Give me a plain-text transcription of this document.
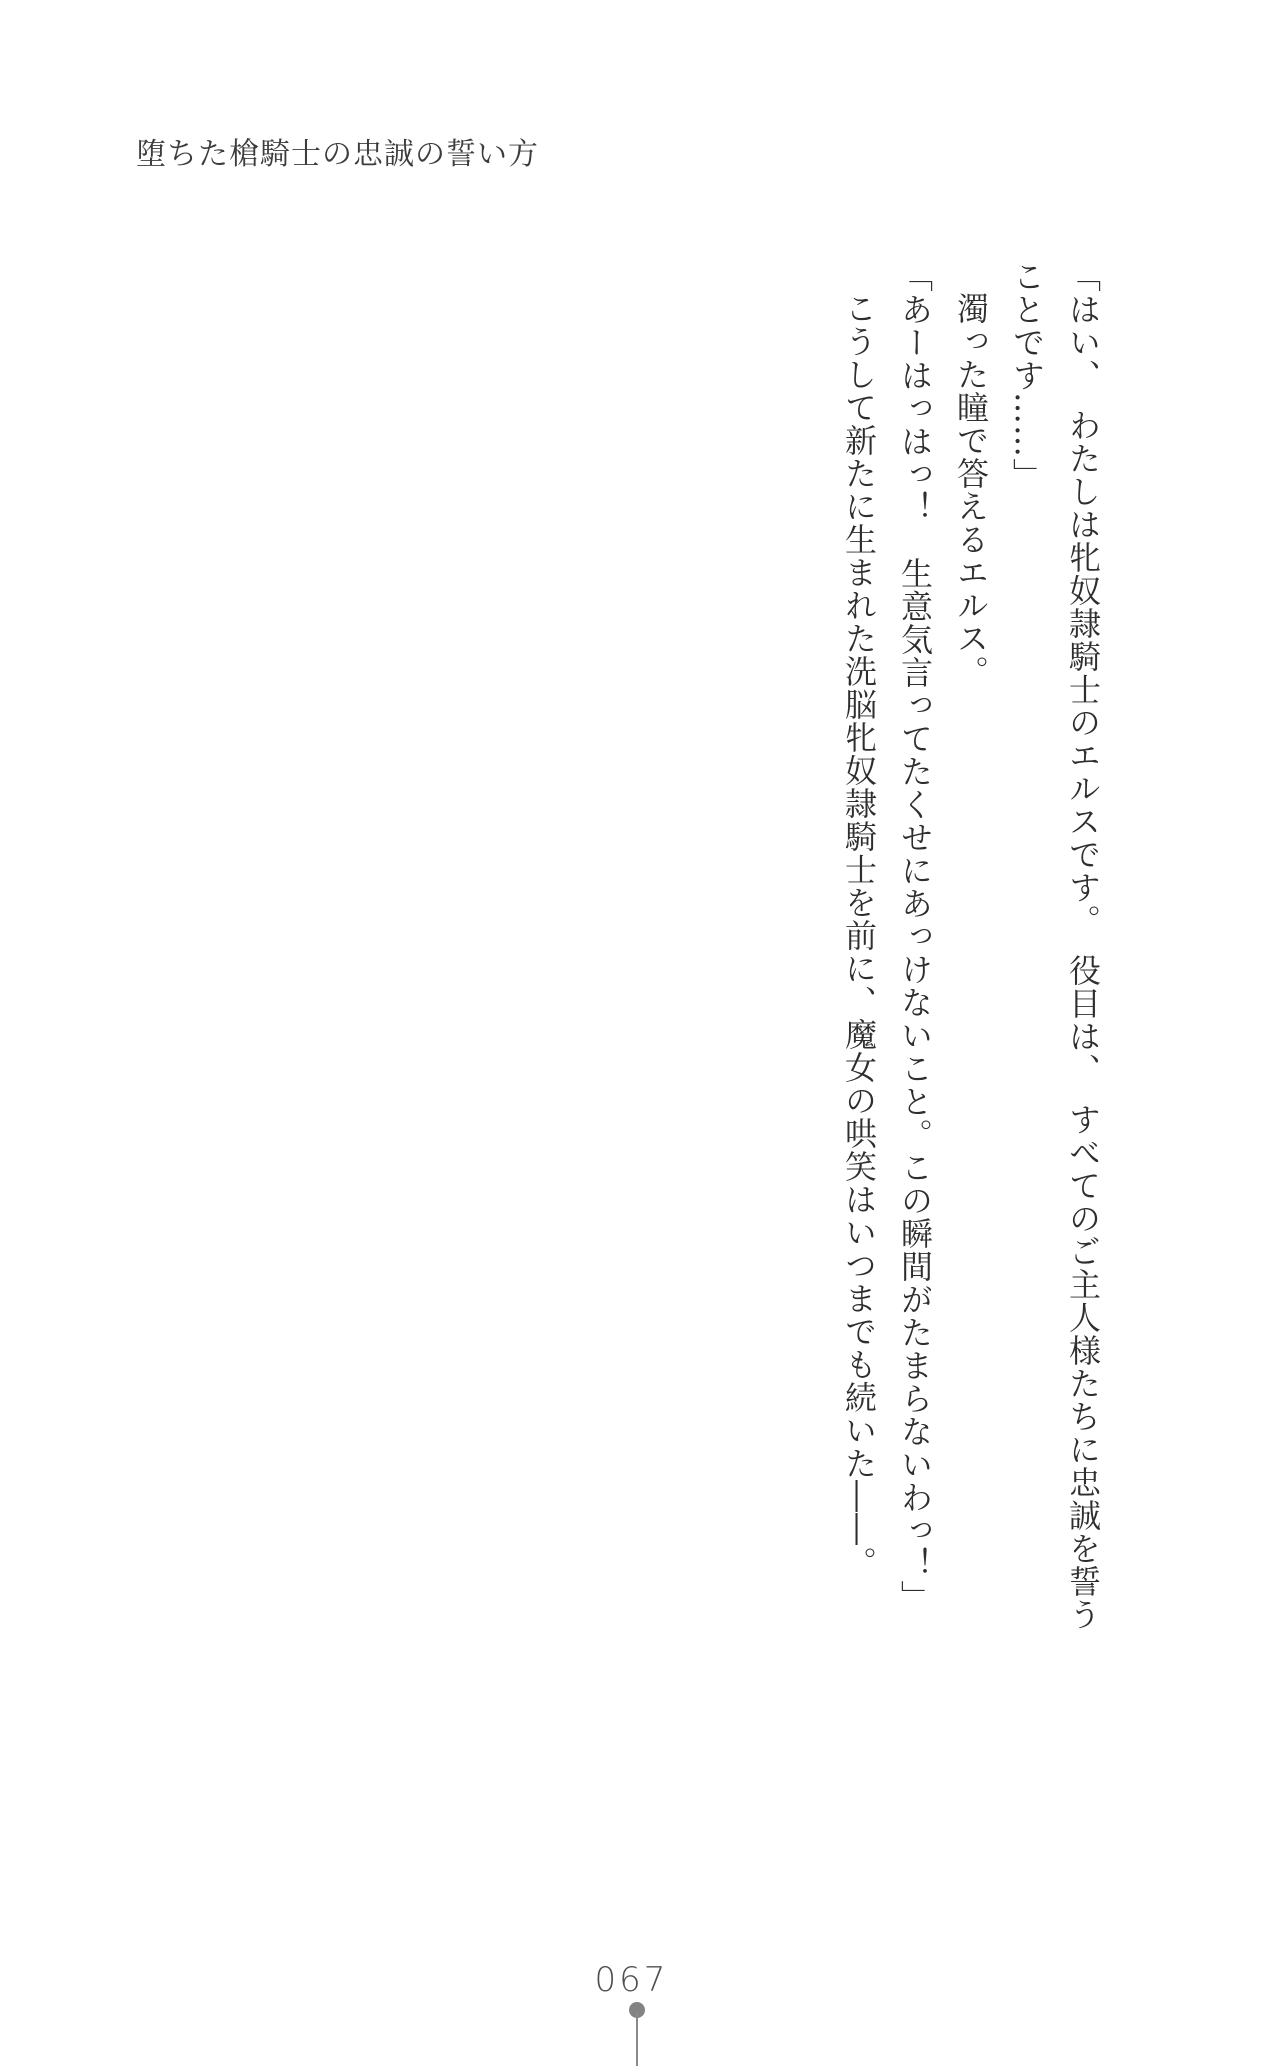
堕ちた槍騎士の忠誠の誓い方

「はい、　わたしは牝奴隷騎士のエルスです。　役目は、　すべてのご主人様たちに忠誠を誓う

ことです……」

濁った瞳で答えるエルス。

「あーはっはっ！　生意気言ってたくせにあっけないこと。この瞬間がたまらないわっ！」

こうして新たに生まれた洗脳牝奴隷騎士を前に、魔女の哄笑はいつまでも続いた――。

067
